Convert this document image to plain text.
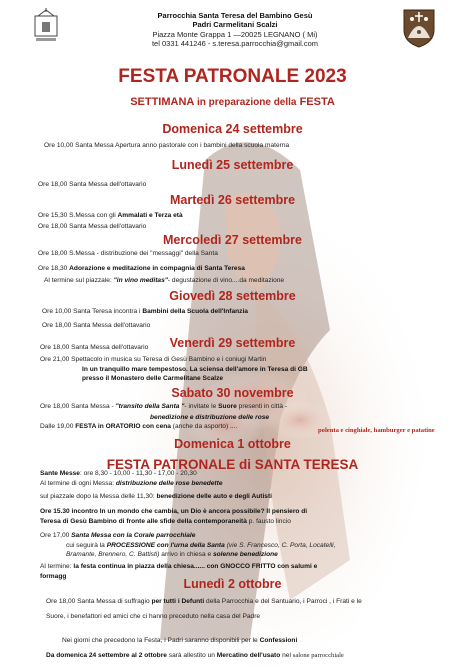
Parrocchia Santa Teresa del Bambino Gesù
Padri Carmelitani Scalzi
Piazza Monte Grappa 1 —20025 LEGNANO ( Mi)
tel 0331 441246 - s.teresa.parrocchia@gmail.com
FESTA PATRONALE 2023
SETTIMANA in preparazione della FESTA
Domenica 24 settembre
Ore 10,00 Santa Messa Apertura anno pastorale con i bambini della scuola materna
Lunedì 25 settembre
Ore 18,00 Santa Messa dell'ottavario
Martedì 26 settembre
Ore 15,30 S.Messa con gli Ammalati e Terza età
Ore 18,00 Santa Messa dell'ottavario
Mercoledì 27 settembre
Ore 18,00 S.Messa - distribuzione dei "messaggi" della Santa
Ore 18,30 Adorazione e meditazione in compagnia di Santa Teresa
Al termine sul piazzale: "in vino meditas"- degustazione di vino....da meditazione
Giovedì 28 settembre
Ore 10,00 Santa Teresa incontra i Bambini della Scuola dell'Infanzia
Ore 18,00 Santa Messa dell'ottavario
Venerdì 29 settembre
Ore 18,00 Santa Messa dell'ottavario
Ore 21,00 Spettacolo in musica su Teresa di Gesù Bambino e i coniugi Martin
In un tranquillo mare tempestoso. La sciensa dell'amore in Teresa di GB
presso il Monastero delle Carmelitane Scalze
Sabato 30 novembre
Ore 18,00 Santa Messa - "transito della Santa "- invitate le Suore presenti in città -
benedizione e distribuzione delle rose
Dalle 19,00 FESTA in ORATORIO con cena (anche da asporto) ....
polenta e cinghiale, hamburger e patatine
Domenica 1 ottobre
FESTA PATRONALE di SANTA TERESA
Sante Messe: ore 8,30 - 10,00 - 11,30 - 17,00 - 20,30
Al termine di ogni Messa: distribuzione delle rose benedette
sul piazzale dopo la Messa delle 11,30: benedizione delle auto e degli Autisti
Ore 15.30 incontro In un mondo che cambia, un Dio è ancora possibile? Il pensiero di
Teresa di Gesù Bambino di fronte alle sfide della contemporaneità p. fausto lincio
Ore 17,00 Santa Messa con la Corale parrocchiale
cui seguirà la PROCESSIONE con l'urna della Santa (vie S. Francesco, C. Porta, Locatelli,
Bramante, Brennero, C. Battisti) arrivo in chiesa e solenne benedizione
Al termine: la festa continua in piazza della chiesa...... con GNOCCO FRITTO con salumi e
formagg
Lunedì 2 ottobre
Ore 18,00 Santa Messa di suffragio per tutti i Defunti della Parrocchia e del Santuario, i Parroci , i Frati e le
Suore, i benefattori ed amici che ci hanno preceduto nella casa del Padre
Nei giorni che precedono la Festa, i Padri saranno disponibili per le Confessioni
Da domenica 24 settembre al 2 ottobre sarà allestito un Mercatino dell'usato nel salone parrocchiale
